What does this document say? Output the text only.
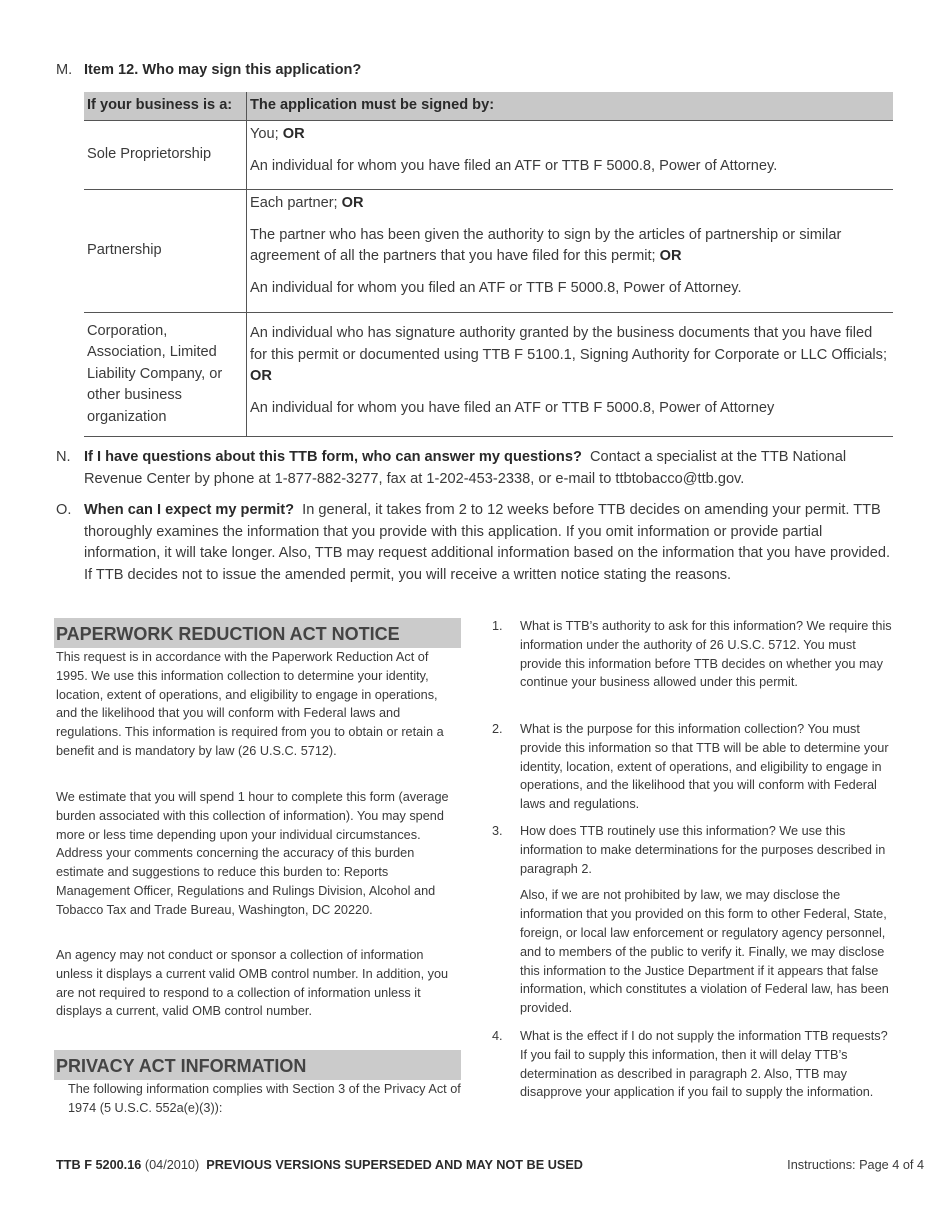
M. Item 12. Who may sign this application?
If your business is a:	The application must be signed by:
Sole Proprietorship	You; OR

An individual for whom you have filed an ATF or TTB F 5000.8, Power of Attorney.

Partnership	Each partner; OR

The partner who has been given the authority to sign by the articles of partnership or similar agreement of all the partners that you have filed for this permit; OR

An individual for whom you filed an ATF or TTB F 5000.8, Power of Attorney.

Corporation, Association, Limited Liability Company, or other business organization	An individual who has signature authority granted by the business documents that you have filed for this permit or documented using TTB F 5100.1, Signing Authority for Corporate or LLC Officials; OR

An individual for whom you have filed an ATF or TTB F 5000.8, Power of Attorney

N. If I have questions about this TTB form, who can answer my questions? Contact a specialist at the TTB National Revenue Center by phone at 1-877-882-3277, fax at 1-202-453-2338, or e-mail to ttbtobacco@ttb.gov.
O. When can I expect my permit? In general, it takes from 2 to 12 weeks before TTB decides on amending your permit. TTB thoroughly examines the information that you provide with this application. If you omit information or provide partial information, it will take longer. Also, TTB may request additional information based on the information that you have provided. If TTB decides not to issue the amended permit, you will receive a written notice stating the reasons.
PAPERWORK REDUCTION ACT NOTICE
This request is in accordance with the Paperwork Reduction Act of 1995. We use this information collection to determine your identity, location, extent of operations, and eligibility to engage in operations, and the likelihood that you will conform with Federal laws and regulations. This information is required from you to obtain or retain a benefit and is mandatory by law (26 U.S.C. 5712).
We estimate that you will spend 1 hour to complete this form (average burden associated with this collection of information). You may spend more or less time depending upon your individual circumstances. Address your comments concerning the accuracy of this burden estimate and suggestions to reduce this burden to: Reports Management Officer, Regulations and Rulings Division, Alcohol and Tobacco Tax and Trade Bureau, Washington, DC 20220.
An agency may not conduct or sponsor a collection of information unless it displays a current valid OMB control number. In addition, you are not required to respond to a collection of information unless it displays a current, valid OMB control number.
PRIVACY ACT INFORMATION
The following information complies with Section 3 of the Privacy Act of 1974 (5 U.S.C. 552a(e)(3)):
1. What is TTB’s authority to ask for this information? We require this information under the authority of 26 U.S.C. 5712. You must provide this information before TTB decides on whether you may continue your business allowed under this permit.
2. What is the purpose for this information collection? You must provide this information so that TTB will be able to determine your identity, location, extent of operations, and eligibility to engage in operations, and the likelihood that you will conform with Federal laws and regulations.
3. How does TTB routinely use this information? We use this information to make determinations for the purposes described in paragraph 2.
Also, if we are not prohibited by law, we may disclose the information that you provided on this form to other Federal, State, foreign, or local law enforcement or regulatory agency personnel, and to members of the public to verify it. Finally, we may disclose this information to the Justice Department if it appears that false information, which constitutes a violation of Federal law, has been provided.
4. What is the effect if I do not supply the information TTB requests? If you fail to supply this information, then it will delay TTB’s determination as described in paragraph 2. Also, TTB may disapprove your application if you fail to supply the information.
TTB F 5200.16 (04/2010) PREVIOUS VERSIONS SUPERSEDED AND MAY NOT BE USED	Instructions: Page 4 of 4
